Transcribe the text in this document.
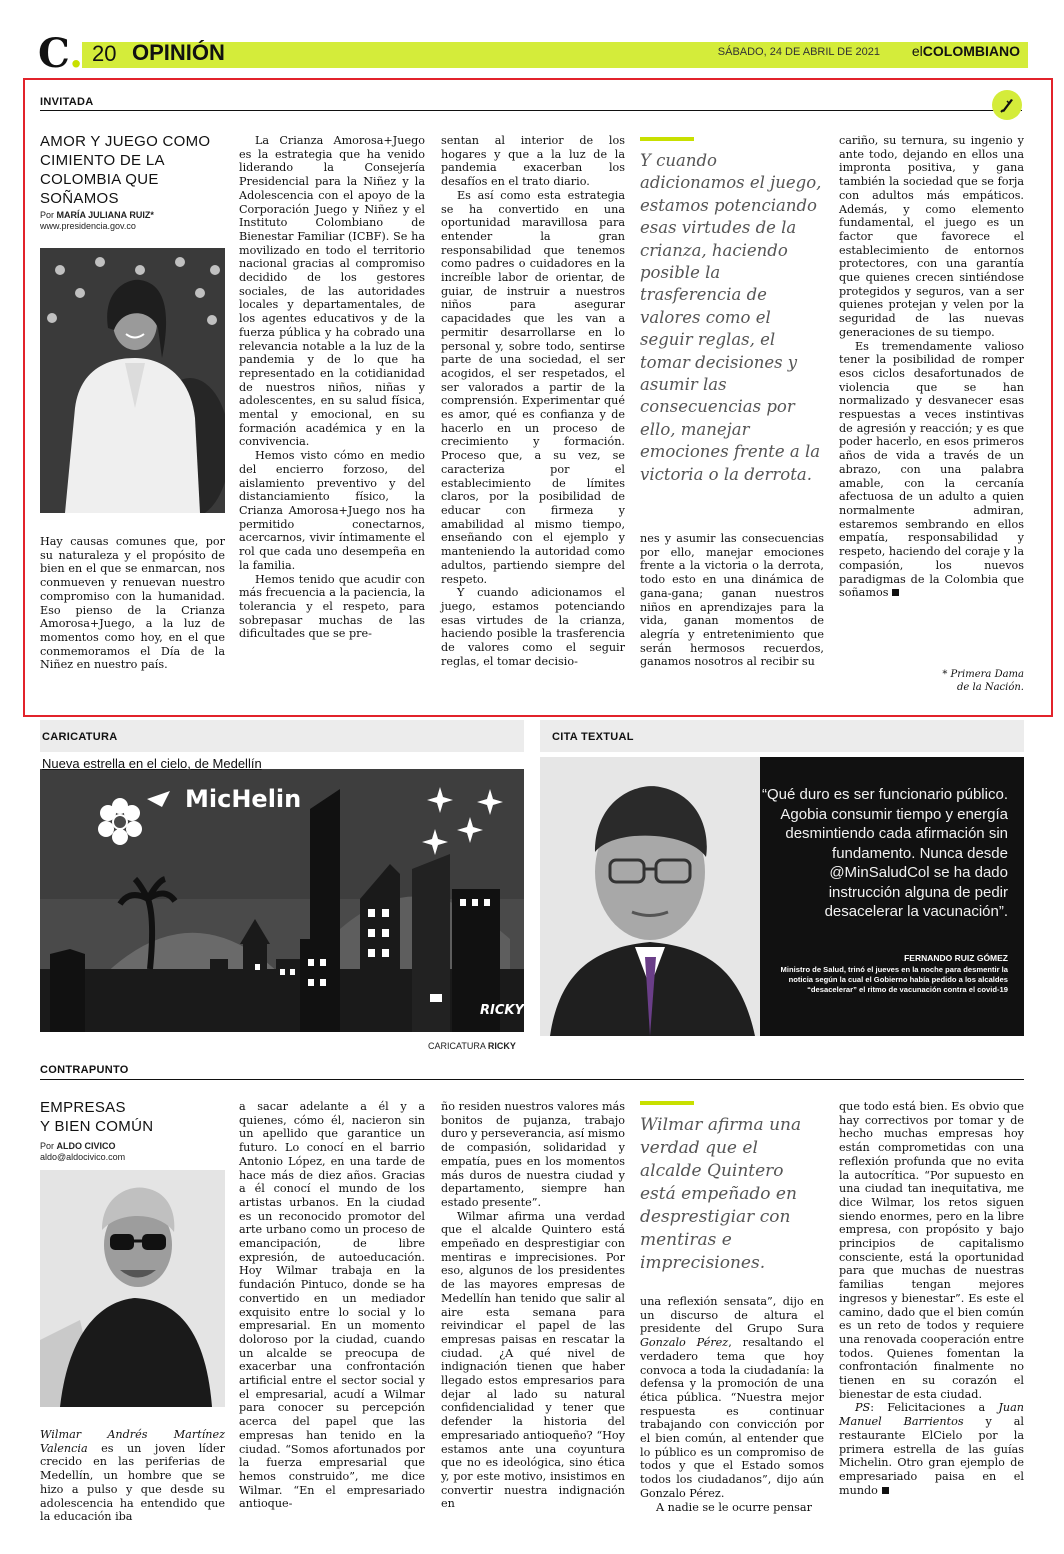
C. 20 OPINIÓN	SÁBADO, 24 DE ABRIL DE 2021 elCOLOMBIANO
INVITADA
AMOR Y JUEGO COMO CIMIENTO DE LA COLOMBIA QUE SOÑAMOS
Por MARÍA JULIANA RUIZ*
www.presidencia.gov.co

Hay causas comunes que, por su naturaleza y el propósito de bien en el que se enmarcan, nos conmueven y renuevan nuestro compromiso con la humanidad. Eso pienso de la Crianza Amorosa+Juego, a la luz de momentos como hoy, en el que conmemoramos el Día de la Niñez en nuestro país.

La Crianza Amorosa+Juego es la estrategia que ha venido liderando la Consejería Presidencial para la Niñez y la Adolescencia con el apoyo de la Corporación Juego y Niñez y el Instituto Colombiano de Bienestar Familiar (ICBF). Se ha movilizado en todo el territorio nacional gracias al compromiso decidido de los gestores sociales, de las autoridades locales y departamentales, de los agentes educativos y de la fuerza pública y ha cobrado una relevancia notable a la luz de la pandemia y de lo que ha representado en la cotidianidad de nuestros niños, niñas y adolescentes, en su salud física, mental y emocional, en su formación académica y en la convivencia.

Hemos visto cómo en medio del encierro forzoso, del aislamiento preventivo y del distanciamiento físico, la Crianza Amorosa+Juego nos ha permitido conectarnos, acercarnos, vivir íntimamente el rol que cada uno desempeña en la familia.

Hemos tenido que acudir con más frecuencia a la paciencia, la tolerancia y el respeto, para sobrepasar muchas de las dificultades que se pre-

sentan al interior de los hogares y que a la luz de la pandemia exacerban los desafíos en el trato diario.

Es así como esta estrategia se ha convertido en una oportunidad maravillosa para entender la gran responsabilidad que tenemos como padres o cuidadores en la increíble labor de orientar, de guiar, de instruir a nuestros niños para asegurar capacidades que les van a permitir desarrollarse en lo personal y, sobre todo, sentirse parte de una sociedad, el ser acogidos, el ser respetados, el ser valorados a partir de la comprensión. Experimentar qué es amor, qué es confianza y de hacerlo en un proceso de crecimiento y formación. Proceso que, a su vez, se caracteriza por el establecimiento de límites claros, por la posibilidad de educar con firmeza y amabilidad al mismo tiempo, enseñando con el ejemplo y manteniendo la autoridad como adultos, partiendo siempre del respeto.

Y cuando adicionamos el juego, estamos potenciando esas virtudes de la crianza, haciendo posible la trasferencia de valores como el seguir reglas, el tomar decisio-

Y cuando adicionamos el juego, estamos potenciando esas virtudes de la crianza, haciendo posible la trasferencia de valores como el seguir reglas, el tomar decisiones y asumir las consecuencias por ello, manejar emociones frente a la victoria o la derrota.

nes y asumir las consecuencias por ello, manejar emociones frente a la victoria o la derrota, todo esto en una dinámica de gana-gana; ganan nuestros niños en aprendizajes para la vida, ganan momentos de alegría y entretenimiento que serán hermosos recuerdos, ganamos nosotros al recibir su

cariño, su ternura, su ingenio y ante todo, dejando en ellos una impronta positiva, y gana también la sociedad que se forja con adultos más empáticos. Además, y como elemento fundamental, el juego es un factor que favorece el establecimiento de entornos protectores, con una garantía que quienes crecen sintiéndose protegidos y seguros, van a ser quienes protejan y velen por la seguridad de las nuevas generaciones de su tiempo.

Es tremendamente valioso tener la posibilidad de romper esos ciclos desafortunados de violencia que se han normalizado y desvanecer esas respuestas a veces instintivas de agresión y reacción; y es que poder hacerlo, en esos primeros años de vida a través de un abrazo, con una palabra amable, con la cercanía afectuosa de un adulto a quien normalmente admiran, estaremos sembrando en ellos empatía, responsabilidad y respeto, haciendo del coraje y la compasión, los nuevos paradigmas de la Colombia que soñamos

* Primera Dama
de la Nación.
CARICATURA
MicHelin
RICKY
Nueva estrella en el cielo, de Medellín
CARICATURA RICKY
CITA TEXTUAL
“Qué duro es ser funcionario público. Agobia consumir tiempo y energía desmintiendo cada afirmación sin fundamento. Nunca desde @MinSaludCol se ha dado instrucción alguna de pedir desacelerar la vacunación”.
FERNANDO RUIZ GÓMEZ
Ministro de Salud, trinó el jueves en la noche para desmentir la noticia según la cual el Gobierno había pedido a los alcaldes “desacelerar” el ritmo de vacunación contra el covid-19
CONTRAPUNTO
EMPRESAS
Y BIEN COMÚN
Por ALDO CIVICO
aldo@aldocivico.com

Wilmar Andrés Martínez Valencia es un joven líder crecido en las periferias de Medellín, un hombre que se hizo a pulso y que desde su adolescencia ha entendido que la educación iba

a sacar adelante a él y a quienes, cómo él, nacieron sin un apellido que garantice un futuro. Lo conocí en el barrio Antonio López, en una tarde de hace más de diez años. Gracias a él conocí el mundo de los artistas urbanos. En la ciudad es un reconocido promotor del arte urbano como un proceso de emancipación, de libre expresión, de autoeducación. Hoy Wilmar trabaja en la fundación Pintuco, donde se ha convertido en un mediador exquisito entre lo social y lo empresarial. En un momento doloroso por la ciudad, cuando un alcalde se preocupa de exacerbar una confrontación artificial entre el sector social y el empresarial, acudí a Wilmar para conocer su percepción acerca del papel que las empresas han tenido en la ciudad. “Somos afortunados por la fuerza empresarial que hemos construido”, me dice Wilmar. “En el empresariado antioque-

ño residen nuestros valores más bonitos de pujanza, trabajo duro y perseverancia, así mismo de compasión, solidaridad y empatía, pues en los momentos más duros de nuestra ciudad y departamento, siempre han estado presente”.

Wilmar afirma una verdad que el alcalde Quintero está empeñado en desprestigiar con mentiras e imprecisiones. Por eso, algunos de los presidentes de las mayores empresas de Medellín han tenido que salir al aire esta semana para reivindicar el papel de las empresas paisas en rescatar la ciudad. ¿A qué nivel de indignación tienen que haber llegado estos empresarios para dejar al lado su natural confidencialidad y tener que defender la historia del empresariado antioqueño? “Hoy estamos ante una coyuntura que no es ideológica, sino ética y, por este motivo, insistimos en convertir nuestra indignación en

Wilmar afirma una verdad que el alcalde Quintero está empeñado en desprestigiar con mentiras e imprecisiones.

una reflexión sensata”, dijo en un discurso de altura el presidente del Grupo Sura Gonzalo Pérez, resaltando el verdadero tema que hoy convoca a toda la ciudadanía: la defensa y la promoción de una ética pública. “Nuestra mejor respuesta es continuar trabajando con convicción por el bien común, al entender que lo público es un compromiso de todos y que el Estado somos todos los ciudadanos”, dijo aún Gonzalo Pérez.

A nadie se le ocurre pensar

que todo está bien. Es obvio que hay correctivos por tomar y de hecho muchas empresas hoy están comprometidas con una reflexión profunda que no evita la autocrítica. “Por supuesto en una ciudad tan inequitativa, me dice Wilmar, los retos siguen siendo enormes, pero en la libre empresa, con propósito y bajo principios de capitalismo consciente, está la oportunidad para que muchas de nuestras familias tengan mejores ingresos y bienestar”. Es este el camino, dado que el bien común es un reto de todos y requiere una renovada cooperación entre todos. Quienes fomentan la confrontación finalmente no tienen en su corazón el bienestar de esta ciudad.

PS: Felicitaciones a Juan Manuel Barrientos y al restaurante ElCielo por la primera estrella de las guías Michelin. Otro gran ejemplo de empresariado paisa en el mundo
